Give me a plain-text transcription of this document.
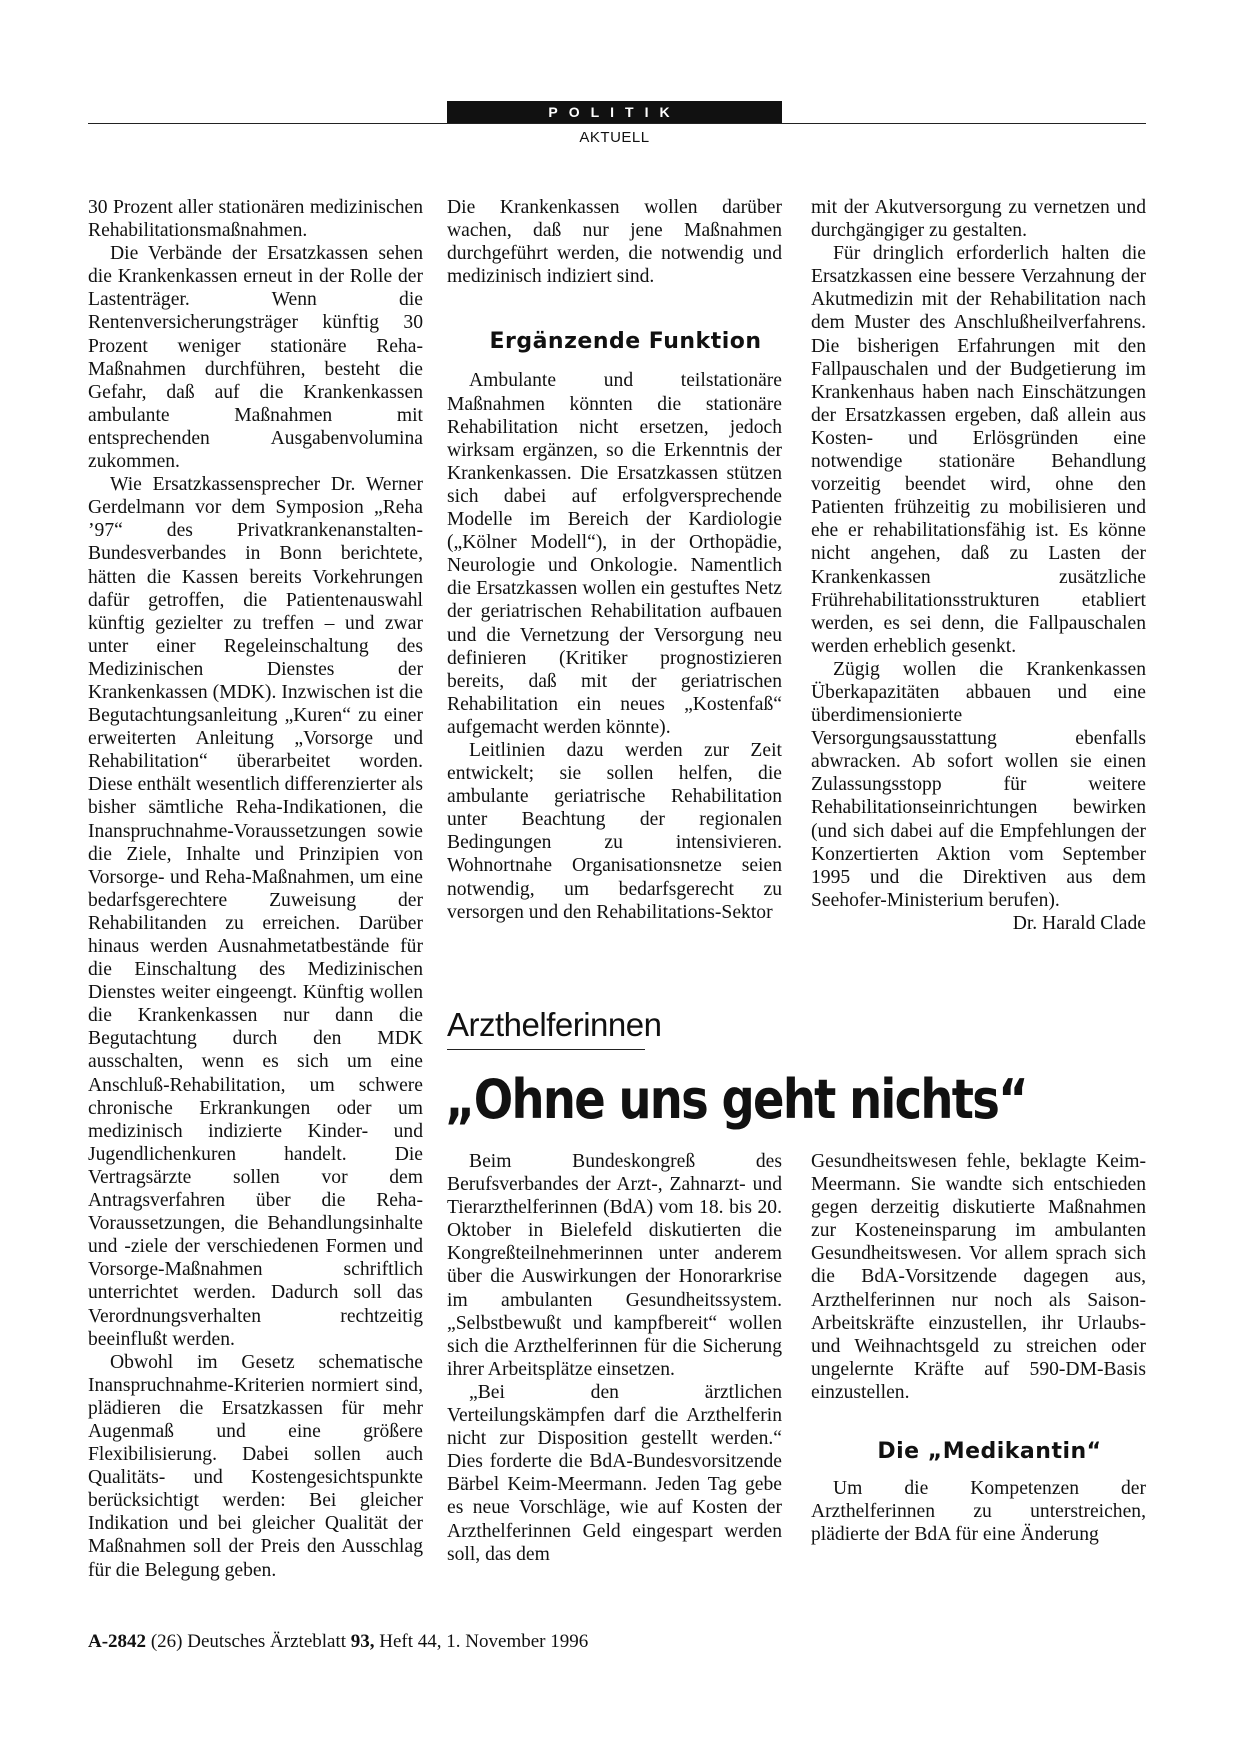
POLITIK
AKTUELL

30 Prozent aller stationären medizinischen Rehabilitationsmaßnahmen.

Die Verbände der Ersatzkassen sehen die Krankenkassen erneut in der Rolle der Lastenträger. Wenn die Rentenversicherungsträger künftig 30 Prozent weniger stationäre Reha-Maßnahmen durchführen, besteht die Gefahr, daß auf die Krankenkassen ambulante Maßnahmen mit entsprechenden Ausgabenvolumina zukommen.

Wie Ersatzkassensprecher Dr. Werner Gerdelmann vor dem Symposion „Reha ’97“ des Privatkrankenanstalten-Bundesverbandes in Bonn berichtete, hätten die Kassen bereits Vorkehrungen dafür getroffen, die Patientenauswahl künftig gezielter zu treffen – und zwar unter einer Regeleinschaltung des Medizinischen Dienstes der Krankenkassen (MDK). Inzwischen ist die Begutachtungsanleitung „Kuren“ zu einer erweiterten Anleitung „Vorsorge und Rehabilitation“ überarbeitet worden. Diese enthält wesentlich differenzierter als bisher sämtliche Reha-Indikationen, die Inanspruchnahme-Voraussetzungen sowie die Ziele, Inhalte und Prinzipien von Vorsorge- und Reha-Maßnahmen, um eine bedarfsgerechtere Zuweisung der Rehabilitanden zu erreichen. Darüber hinaus werden Ausnahmetatbestände für die Einschaltung des Medizinischen Dienstes weiter eingeengt. Künftig wollen die Krankenkassen nur dann die Begutachtung durch den MDK ausschalten, wenn es sich um eine Anschluß-Rehabilitation, um schwere chronische Erkrankungen oder um medizinisch indizierte Kinder- und Jugendlichenkuren handelt. Die Vertragsärzte sollen vor dem Antragsverfahren über die Reha-Voraussetzungen, die Behandlungsinhalte und -ziele der verschiedenen Formen und Vorsorge-Maßnahmen schriftlich unterrichtet werden. Dadurch soll das Verordnungsverhalten rechtzeitig beeinflußt werden.

Obwohl im Gesetz schematische Inanspruchnahme-Kriterien normiert sind, plädieren die Ersatzkassen für mehr Augenmaß und eine größere Flexibilisierung. Dabei sollen auch Qualitäts- und Kostengesichtspunkte berücksichtigt werden: Bei gleicher Indikation und bei gleicher Qualität der Maßnahmen soll der Preis den Ausschlag für die Belegung geben.

Die Krankenkassen wollen darüber wachen, daß nur jene Maßnahmen durchgeführt werden, die notwendig und medizinisch indiziert sind.

Ergänzende Funktion

Ambulante und teilstationäre Maßnahmen könnten die stationäre Rehabilitation nicht ersetzen, jedoch wirksam ergänzen, so die Erkenntnis der Krankenkassen. Die Ersatzkassen stützen sich dabei auf erfolgversprechende Modelle im Bereich der Kardiologie („Kölner Modell“), in der Orthopädie, Neurologie und Onkologie. Namentlich die Ersatzkassen wollen ein gestuftes Netz der geriatrischen Rehabilitation aufbauen und die Vernetzung der Versorgung neu definieren (Kritiker prognostizieren bereits, daß mit der geriatrischen Rehabilitation ein neues „Kostenfaß“ aufgemacht werden könnte).

Leitlinien dazu werden zur Zeit entwickelt; sie sollen helfen, die ambulante geriatrische Rehabilitation unter Beachtung der regionalen Bedingungen zu intensivieren. Wohnortnahe Organisationsnetze seien notwendig, um bedarfsgerecht zu versorgen und den Rehabilitations-Sektor

mit der Akutversorgung zu vernetzen und durchgängiger zu gestalten.

Für dringlich erforderlich halten die Ersatzkassen eine bessere Verzahnung der Akutmedizin mit der Rehabilitation nach dem Muster des Anschlußheilverfahrens. Die bisherigen Erfahrungen mit den Fallpauschalen und der Budgetierung im Krankenhaus haben nach Einschätzungen der Ersatzkassen ergeben, daß allein aus Kosten- und Erlösgründen eine notwendige stationäre Behandlung vorzeitig beendet wird, ohne den Patienten frühzeitig zu mobilisieren und ehe er rehabilitationsfähig ist. Es könne nicht angehen, daß zu Lasten der Krankenkassen zusätzliche Frührehabilitationsstrukturen etabliert werden, es sei denn, die Fallpauschalen werden erheblich gesenkt.

Zügig wollen die Krankenkassen Überkapazitäten abbauen und eine überdimensionierte Versorgungsausstattung ebenfalls abwracken. Ab sofort wollen sie einen Zulassungsstopp für weitere Rehabilitationseinrichtungen bewirken (und sich dabei auf die Empfehlungen der Konzertierten Aktion vom September 1995 und die Direktiven aus dem Seehofer-Ministerium berufen).
Dr. Harald Clade

Arzthelferinnen
„Ohne uns geht nichts“

Beim Bundeskongreß des Berufsverbandes der Arzt-, Zahnarzt- und Tierarzthelferinnen (BdA) vom 18. bis 20. Oktober in Bielefeld diskutierten die Kongreßteilnehmerinnen unter anderem über die Auswirkungen der Honorarkrise im ambulanten Gesundheitssystem. „Selbstbewußt und kampfbereit“ wollen sich die Arzthelferinnen für die Sicherung ihrer Arbeitsplätze einsetzen.

„Bei den ärztlichen Verteilungskämpfen darf die Arzthelferin nicht zur Disposition gestellt werden.“ Dies forderte die BdA-Bundesvorsitzende Bärbel Keim-Meermann. Jeden Tag gebe es neue Vorschläge, wie auf Kosten der Arzthelferinnen Geld eingespart werden soll, das dem

Gesundheitswesen fehle, beklagte Keim-Meermann. Sie wandte sich entschieden gegen derzeitig diskutierte Maßnahmen zur Kosteneinsparung im ambulanten Gesundheitswesen. Vor allem sprach sich die BdA-Vorsitzende dagegen aus, Arzthelferinnen nur noch als Saison-Arbeitskräfte einzustellen, ihr Urlaubs- und Weihnachtsgeld zu streichen oder ungelernte Kräfte auf 590-DM-Basis einzustellen.

Die „Medikantin“

Um die Kompetenzen der Arzthelferinnen zu unterstreichen, plädierte der BdA für eine Änderung

A-2842 (26) Deutsches Ärzteblatt 93, Heft 44, 1. November 1996
